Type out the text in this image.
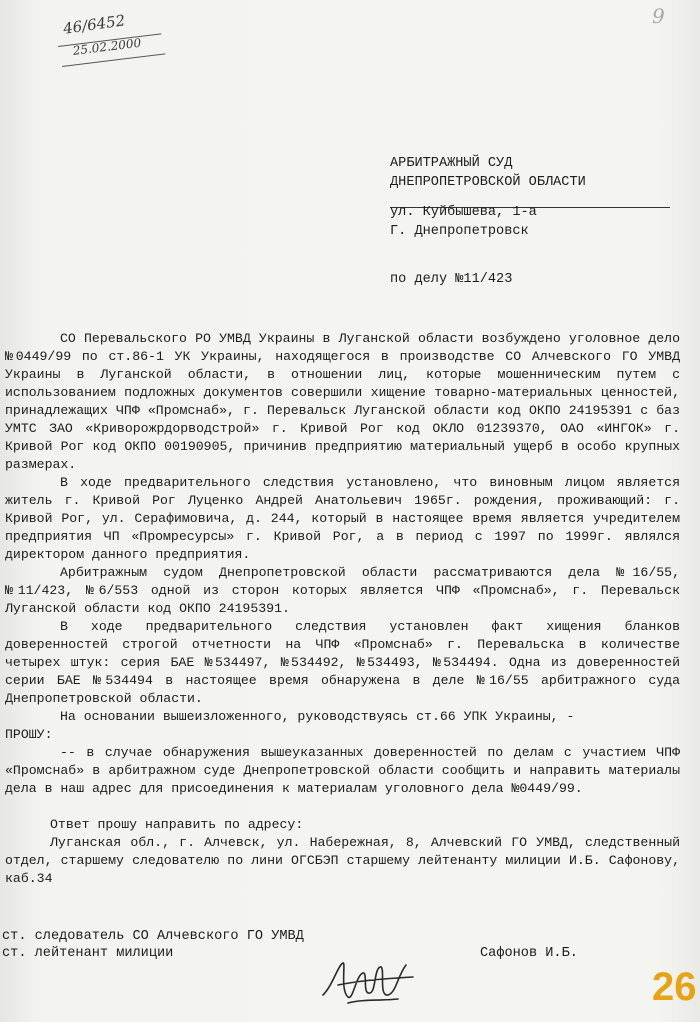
46/6452
25.02.2000
9
АРБИТРАЖНЫЙ СУД
ДНЕПРОПЕТРОВСКОЙ ОБЛАСТИ
ул. Куйбышева, 1-а
Г. Днепропетровск
по делу №11/423

СО Перевальского РО УМВД Украины в Луганской области возбуждено уголовное дело №0449/99 по ст.86-1 УК Украины, находящегося в производстве СО Алчевского ГО УМВД Украины в Луганской области, в отношении лиц, которые мошенническим путем с использованием подложных документов совершили хищение товарно-материальных ценностей, принадлежащих ЧПФ «Промснаб», г. Перевальск Луганской области код ОКПО 24195391 с баз УМТС ЗАО «Криворожрдорводстрой» г. Кривой Рог код ОКЛО 01239370, ОАО «ИНГОК» г. Кривой Рог код ОКПО 00190905, причинив предприятию материальный ущерб в особо крупных размерах.

В ходе предварительного следствия установлено, что виновным лицом является житель г. Кривой Рог Луценко Андрей Анатольевич 1965г. рождения, проживающий: г. Кривой Рог, ул. Серафимовича, д. 244, который в настоящее время является учредителем предприятия ЧП «Промресурсы» г. Кривой Рог, а в период с 1997 по 1999г. являлся директором данного предприятия.

Арбитражным судом Днепропетровской области рассматриваются дела №16/55, №11/423, №6/553 одной из сторон которых является ЧПФ «Промснаб», г. Перевальск Луганской области код ОКПО 24195391.

В ходе предварительного следствия установлен факт хищения бланков доверенностей строгой отчетности на ЧПФ «Промснаб» г. Перевальска в количестве четырех штук: серия БАЕ №534497, №534492, №534493, №534494. Одна из доверенностей серии БАЕ №534494 в настоящее время обнаружена в деле №16/55 арбитражного суда Днепропетровской области.

На основании вышеизложенного, руководствуясь ст.66 УПК Украины, -

ПРОШУ:

-- в случае обнаружения вышеуказанных доверенностей по делам с участием ЧПФ «Промснаб» в арбитражном суде Днепропетровской области сообщить и направить материалы дела в наш адрес для присоединения к материалам уголовного дела №0449/99.

Ответ прошу направить по адресу:

Луганская обл., г. Алчевск, ул. Набережная, 8, Алчевский ГО УМВД, следственный отдел, старшему следователю по лини ОГСБЭП старшему лейтенанту милиции И.Б. Сафонову, каб.34

ст. следователь СО Алчевского ГО УМВД
ст. лейтенант милиции	Сафонов И.Б.
26
